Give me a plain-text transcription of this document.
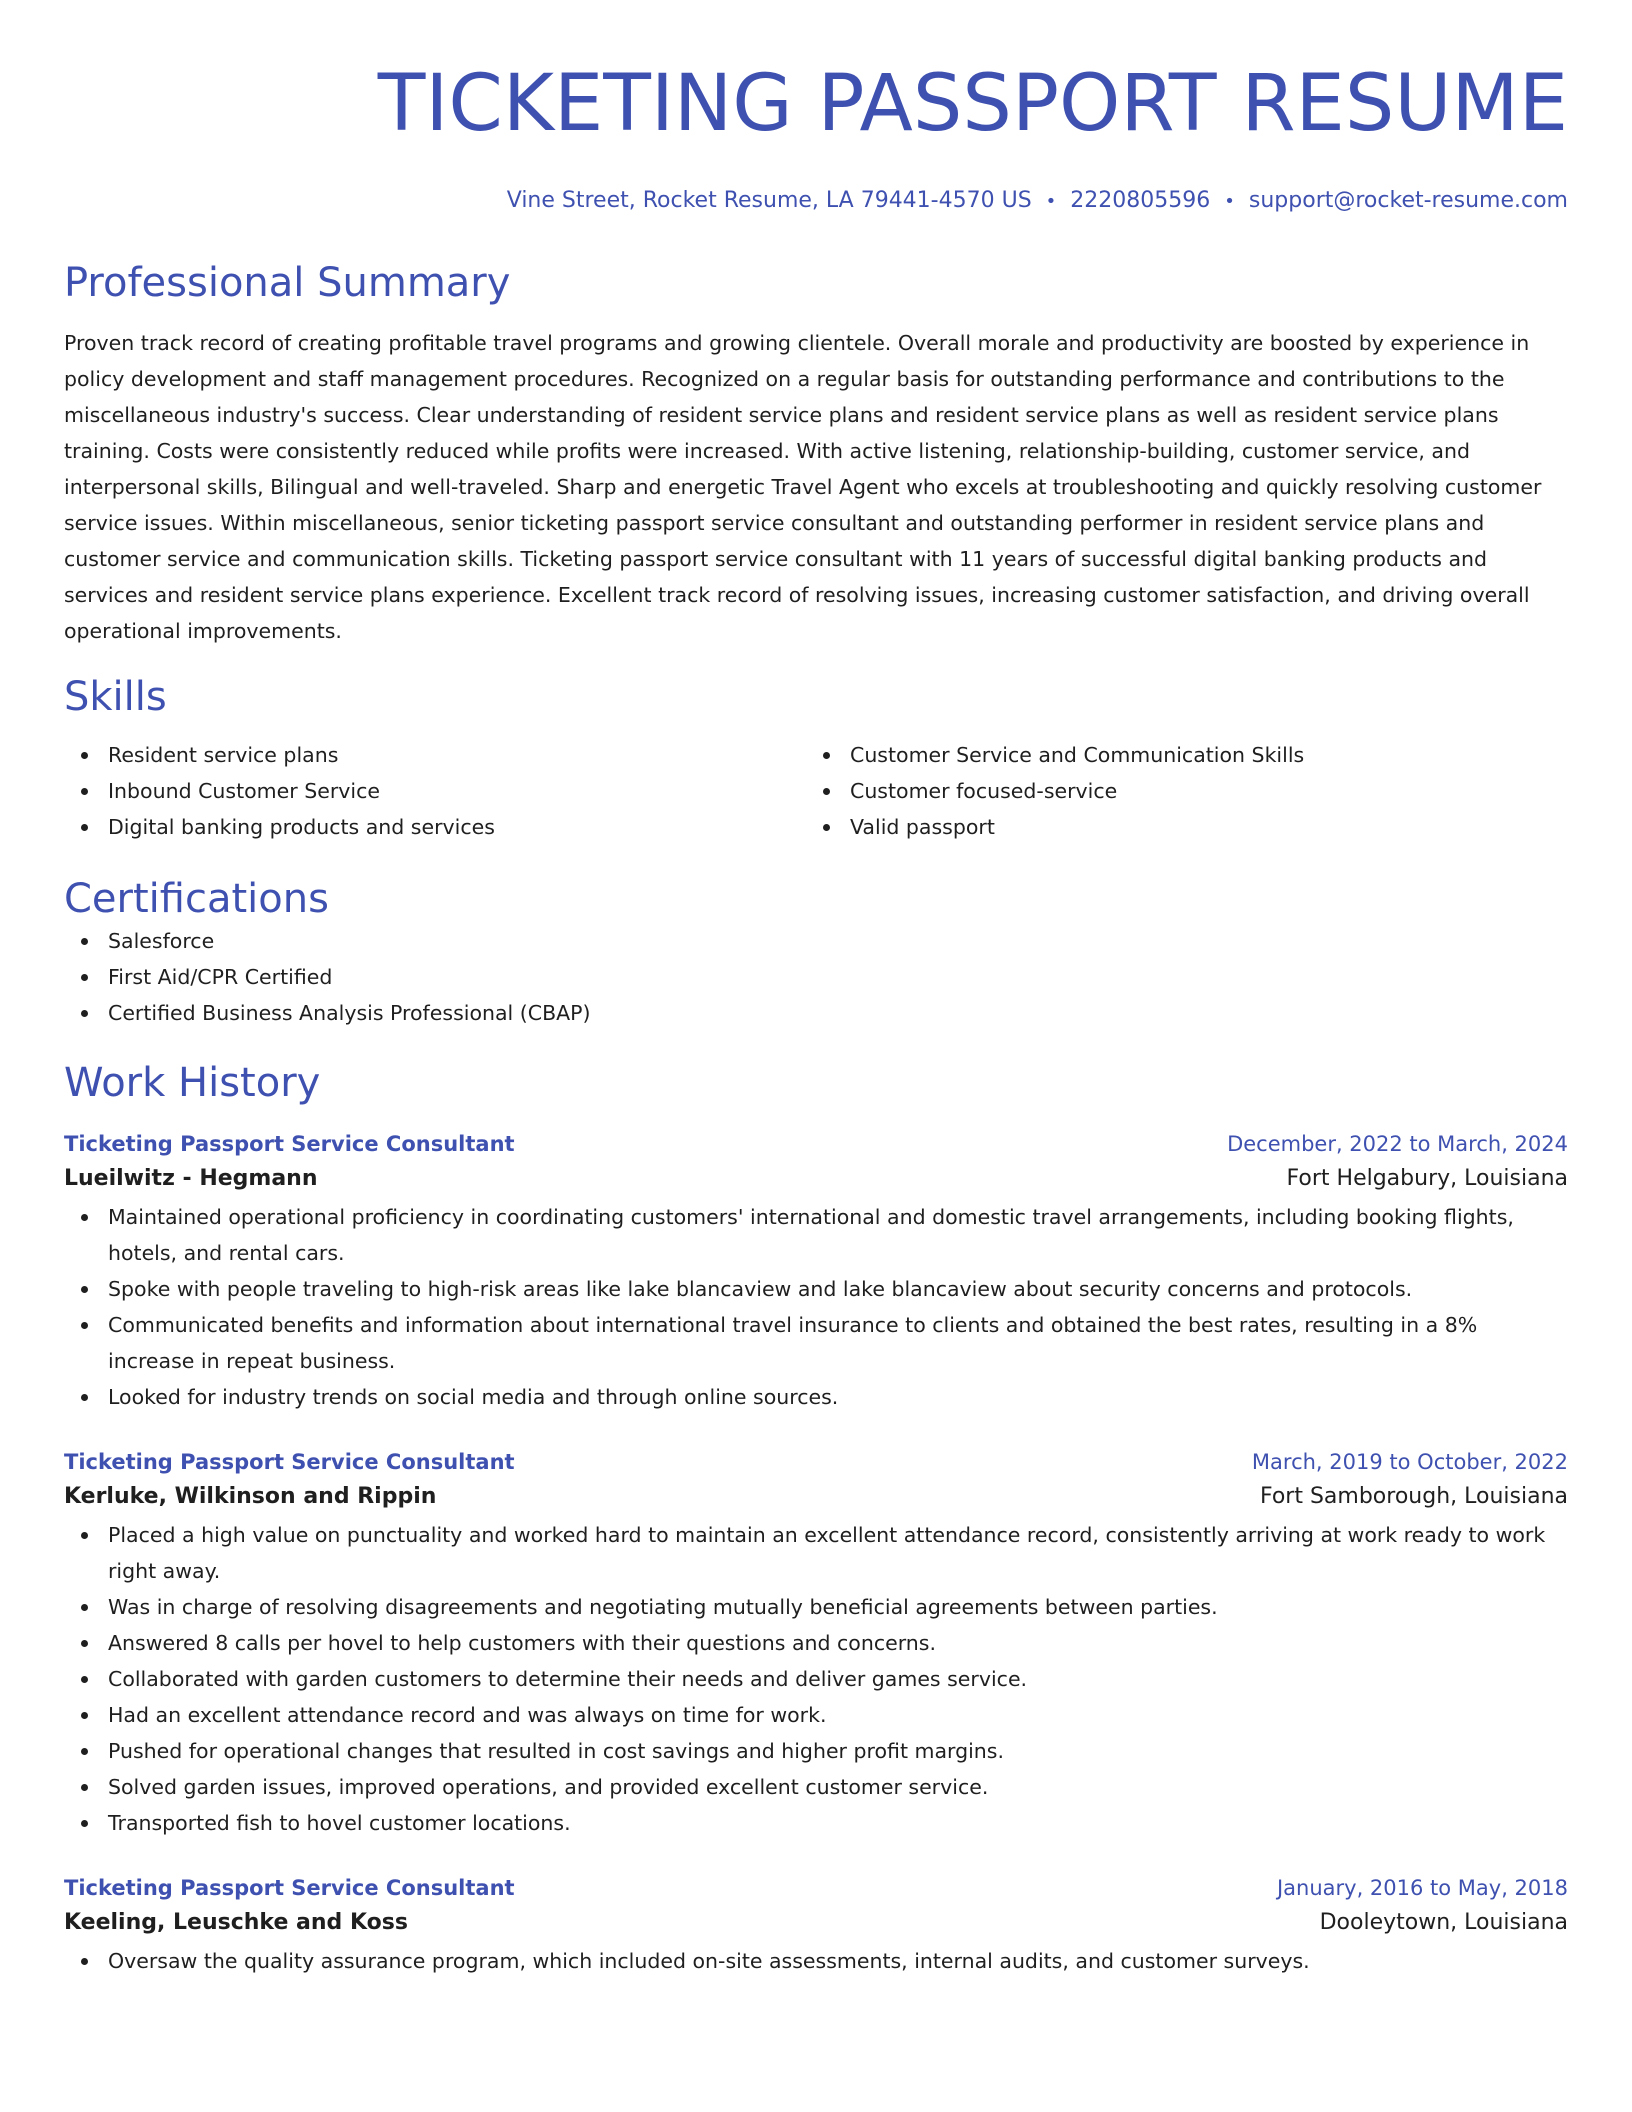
TICKETING PASSPORT RESUME
Vine Street, Rocket Resume, LA 79441-4570 US • 2220805596 • support@rocket-resume.com
Professional Summary
Proven track record of creating profitable travel programs and growing clientele. Overall morale and productivity are boosted by experience in policy development and staff management procedures. Recognized on a regular basis for outstanding performance and contributions to the miscellaneous industry's success. Clear understanding of resident service plans and resident service plans as well as resident service plans training. Costs were consistently reduced while profits were increased. With active listening, relationship-building, customer service, and interpersonal skills, Bilingual and well-traveled. Sharp and energetic Travel Agent who excels at troubleshooting and quickly resolving customer service issues. Within miscellaneous, senior ticketing passport service consultant and outstanding performer in resident service plans and customer service and communication skills. Ticketing passport service consultant with 11 years of successful digital banking products and services and resident service plans experience. Excellent track record of resolving issues, increasing customer satisfaction, and driving overall operational improvements.
Skills
Resident service plans
Inbound Customer Service
Digital banking products and services
Customer Service and Communication Skills
Customer focused-service
Valid passport
Certifications
Salesforce
First Aid/CPR Certified
Certified Business Analysis Professional (CBAP)
Work History
Ticketing Passport Service Consultant	December, 2022 to March, 2024
Lueilwitz - Hegmann	Fort Helgabury, Louisiana
Maintained operational proficiency in coordinating customers' international and domestic travel arrangements, including booking flights, hotels, and rental cars.
Spoke with people traveling to high-risk areas like lake blancaview and lake blancaview about security concerns and protocols.
Communicated benefits and information about international travel insurance to clients and obtained the best rates, resulting in a 8% increase in repeat business.
Looked for industry trends on social media and through online sources.
Ticketing Passport Service Consultant	March, 2019 to October, 2022
Kerluke, Wilkinson and Rippin	Fort Samborough, Louisiana
Placed a high value on punctuality and worked hard to maintain an excellent attendance record, consistently arriving at work ready to work right away.
Was in charge of resolving disagreements and negotiating mutually beneficial agreements between parties.
Answered 8 calls per hovel to help customers with their questions and concerns.
Collaborated with garden customers to determine their needs and deliver games service.
Had an excellent attendance record and was always on time for work.
Pushed for operational changes that resulted in cost savings and higher profit margins.
Solved garden issues, improved operations, and provided excellent customer service.
Transported fish to hovel customer locations.
Ticketing Passport Service Consultant	January, 2016 to May, 2018
Keeling, Leuschke and Koss	Dooleytown, Louisiana
Oversaw the quality assurance program, which included on-site assessments, internal audits, and customer surveys.
